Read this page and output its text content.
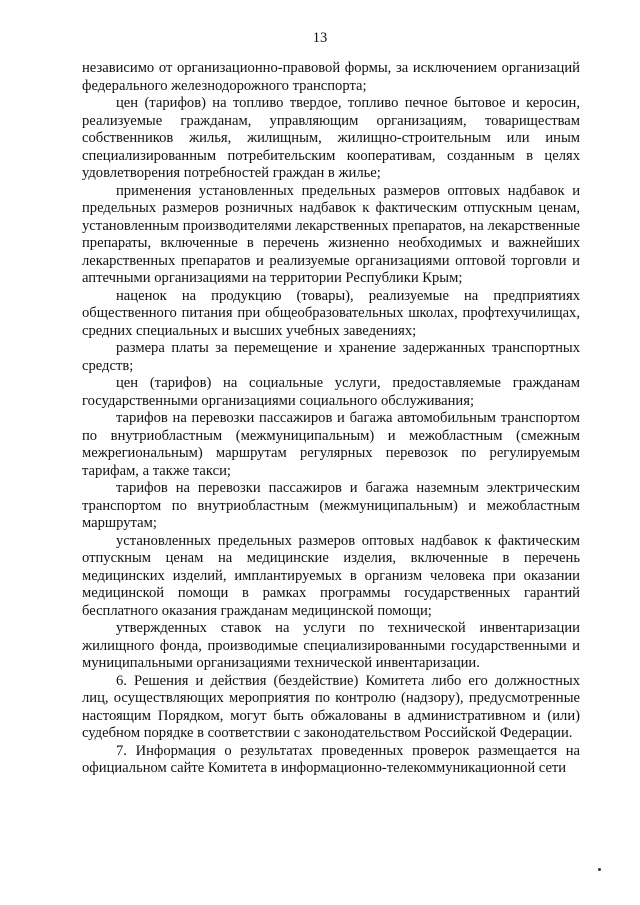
13

независимо от организационно-правовой формы, за исключением организаций федерального железнодорожного транспорта;

цен (тарифов) на топливо твердое, топливо печное бытовое и керосин, реализуемые гражданам, управляющим организациям, товариществам собственников жилья, жилищным, жилищно-строительным или иным специализированным потребительским кооперативам, созданным в целях удовлетворения потребностей граждан в жилье;

применения установленных предельных размеров оптовых надбавок и предельных размеров розничных надбавок к фактическим отпускным ценам, установленным производителями лекарственных препаратов, на лекарственные препараты, включенные в перечень жизненно необходимых и важнейших лекарственных препаратов и реализуемые организациями оптовой торговли и аптечными организациями на территории Республики Крым;

наценок на продукцию (товары), реализуемые на предприятиях общественного питания при общеобразовательных школах, профтехучилищах, средних специальных и высших учебных заведениях;

размера платы за перемещение и хранение задержанных транспортных средств;

цен (тарифов) на социальные услуги, предоставляемые гражданам государственными организациями социального обслуживания;

тарифов на перевозки пассажиров и багажа автомобильным транспортом по внутриобластным (межмуниципальным) и межобластным (смежным межрегиональным) маршрутам регулярных перевозок по регулируемым тарифам, а также такси;

тарифов на перевозки пассажиров и багажа наземным электрическим транспортом по внутриобластным (межмуниципальным) и межобластным маршрутам;

установленных предельных размеров оптовых надбавок к фактическим отпускным ценам на медицинские изделия, включенные в перечень медицинских изделий, имплантируемых в организм человека при оказании медицинской помощи в рамках программы государственных гарантий бесплатного оказания гражданам медицинской помощи;

утвержденных ставок на услуги по технической инвентаризации жилищного фонда, производимые специализированными государственными и муниципальными организациями технической инвентаризации.

6. Решения и действия (бездействие) Комитета либо его должностных лиц, осуществляющих мероприятия по контролю (надзору), предусмотренные настоящим Порядком, могут быть обжалованы в административном и (или) судебном порядке в соответствии с законодательством Российской Федерации.

7. Информация о результатах проведенных проверок размещается на официальном сайте Комитета в информационно-телекоммуникационной сети
